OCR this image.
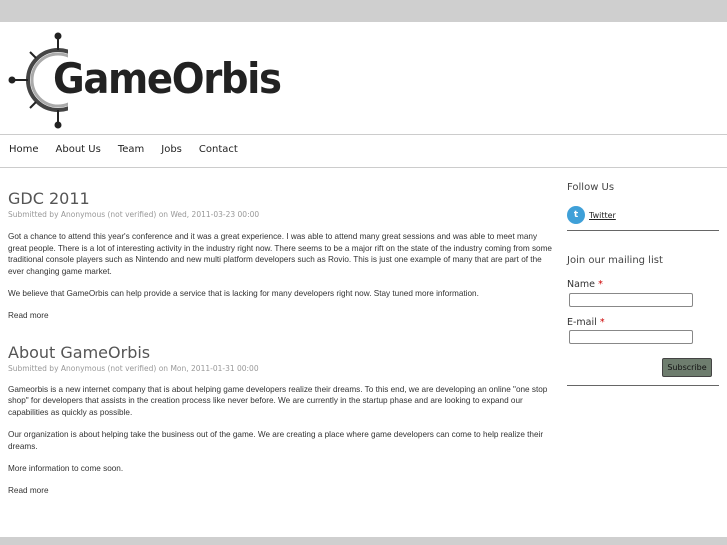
GameOrbis
Home About Us Team Jobs Contact
GDC 2011
Submitted by Anonymous (not verified) on Wed, 2011-03-23 00:00

Got a chance to attend this year's conference and it was a great experience. I was able to attend many great sessions and was able to meet many great people. There is a lot of interesting activity in the industry right now. There seems to be a major rift on the state of the industry coming from some traditional console players such as Nintendo and new multi platform developers such as Rovio. This is just one example of many that are part of the ever changing game market.

We believe that GameOrbis can help provide a service that is lacking for many developers right now. Stay tuned more information.

Read more
About GameOrbis
Submitted by Anonymous (not verified) on Mon, 2011-01-31 00:00

Gameorbis is a new internet company that is about helping game developers realize their dreams. To this end, we are developing an online "one stop shop" for developers that assists in the creation process like never before. We are currently in the startup phase and are looking to expand our capabilities as quickly as possible.

Our organization is about helping take the business out of the game. We are creating a place where game developers can come to help realize their dreams.

More information to come soon.

Read more
Follow Us
t	Twitter
Join our mailing list
Name *
E-mail *
Subscribe
